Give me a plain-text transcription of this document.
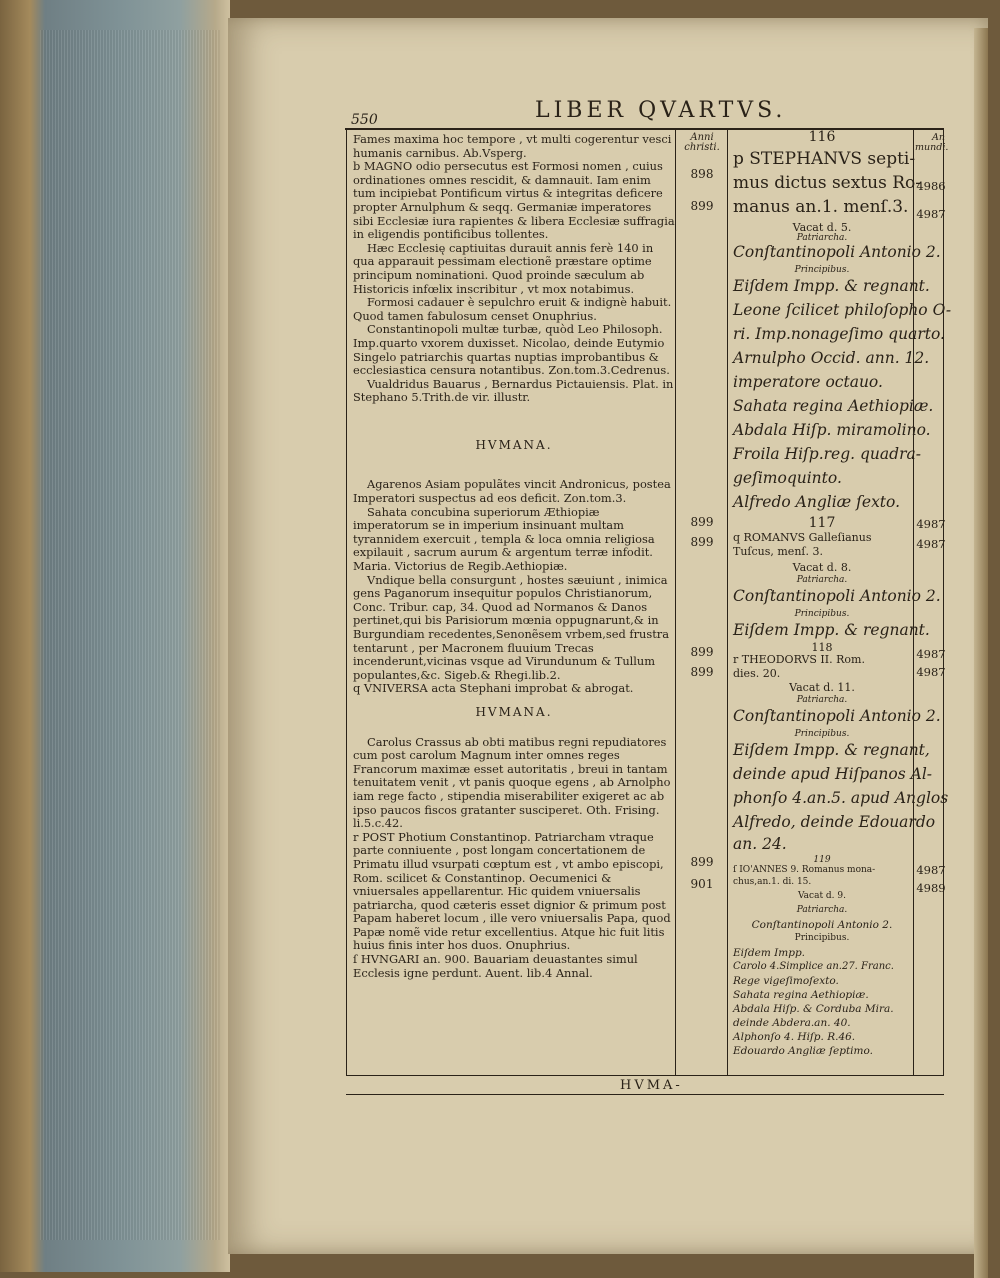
550	LIBER QVARTVS.

Fames maxima hoc tempore , vt multi cogerentur vesci humanis carnibus. Ab.Vsperg.

b MAGNO odio persecutus est Formosi nomen , cuius ordinationes omnes rescidit, & damnauit. Iam enim tum incipiebat Pontificum virtus & integritas deficere propter Arnulphum & seqq. Germaniæ imperatores sibi Ecclesiæ iura rapientes & libera Ecclesiæ suffragia in eligendis pontificibus tollentes.

Hæc Ecclesię captiuitas durauit annis ferè 140 in qua apparauit pessimam electionẽ præstare optime principum nominationi. Quod proinde sæculum ab Historicis infœlix inscribitur , vt mox notabimus.

Formosi cadauer è sepulchro eruit & indignè habuit. Quod tamen fabulosum censet Onuphrius.

Constantinopoli multæ turbæ, quòd Leo Philosoph. Imp.quarto vxorem duxisset. Nicolao, deinde Eutymio Singelo patriarchis quartas nuptias improbantibus & ecclesiastica censura notantibus. Zon.tom.3.Cedrenus.

Vualdridus Bauarus , Bernardus Pictauiensis. Plat. in Stephano 5.Trith.de vir. illustr.

HVMANA.

Agarenos Asiam populãtes vincit Andronicus, postea Imperatori suspectus ad eos deficit. Zon.tom.3.

Sahata concubina superiorum Æthiopiæ imperatorum se in imperium insinuant multam tyrannidem exercuit , templa & loca omnia religiosa expilauit , sacrum aurum & argentum terræ infodit. Maria. Victorius de Regib.Aethiopiæ.

Vndique bella consurgunt , hostes sæuiunt , inimica gens Paganorum insequitur populos Christianorum, Conc. Tribur. cap, 34. Quod ad Normanos & Danos pertinet,qui bis Parisiorum mœnia oppugnarunt,& in Burgundiam recedentes,Senonẽsem vrbem,sed frustra tentarunt , per Macronem fluuium Trecas incenderunt,vicinas vsque ad Virundunum & Tullum populantes,&c. Sigeb.& Rhegi.lib.2.

q VNIVERSA acta Stephani improbat & abrogat.

HVMANA.

Carolus Crassus ab obti matibus regni repudiatores cum post carolum Magnum inter omnes reges Francorum maximæ esset autoritatis , breui in tantam tenuitatem venit , vt panis quoque egens , ab Arnolpho iam rege facto , stipendia miserabiliter exigeret ac ab ipso paucos fiscos gratanter susciperet. Oth. Frising. li.5.c.42.

r POST Photium Constantinop. Patriarcham vtraque parte conniuente , post longam concertationem de Primatu illud vsurpati cœptum est , vt ambo episcopi, Rom. scilicet & Constantinop. Oecumenici & vniuersales appellarentur. Hic quidem vniuersalis patriarcha, quod cæteris esset dignior & primum post Papam haberet locum , ille vero vniuersalis Papa, quod Papæ nomẽ vide retur excellentius. Atque hic fuit litis huius finis inter hos duos. Onuphrius.

ſ HVNGARI an. 900. Bauariam deuastantes simul Ecclesis igne perdunt. Auent. lib.4 Annal.

Anni
christi.
898
899
899
899
899
899
899
901
116
p STEPHANVS septi-
mus dictus sextus Ro-
manus an.1. menſ.3.
Vacat d. 5.
Patriarcha.
Conſtantinopoli Antonio 2.
Principibus.
Eiſdem Impp. & regnant.
Leone ſcilicet philoſopho O-
ri. Imp.nonageſimo quarto.
Arnulpho Occid. ann. 12.
imperatore octauo.
Sahata regina Aethiopiæ.
Abdala Hiſp. miramolino.
Froila Hiſp.reg. quadra-
geſimoquinto.
Alfredo Angliæ ſexto.
117
q ROMANVS Galleſianus
Tuſcus, menſ. 3.
Vacat d. 8.
Patriarcha.
Conſtantinopoli Antonio 2.
Principibus.
Eiſdem Impp. & regnant.
118
r THEODORVS II. Rom.
dies. 20.
Vacat d. 11.
Patriarcha.
Conſtantinopoli Antonio 2.
Principibus.
Eiſdem Impp. & regnant,
deinde apud Hiſpanos Al-
phonſo 4.an.5. apud Anglos
Alfredo, deinde Edouardo
an. 24.
119
ſ IO'ANNES 9. Romanus mona-
chus,an.1. di. 15.
Vacat d. 9.
Patriarcha.
Conſtantinopoli Antonio 2.
Principibus.
Eiſdem Impp.
Carolo 4.Simplice an.27. Franc.
Rege vigeſimoſexto.
Sahata regina Aethiopiæ.
Abdala Hiſp. & Corduba Mira.
deinde Abdera.an. 40.
Alphonſo 4. Hiſp. R.46.
Edouardo Angliæ ſeptimo.
An
mundi.
4986
4987
4987
4987
4987
4987
4987
4989
HVMA-
